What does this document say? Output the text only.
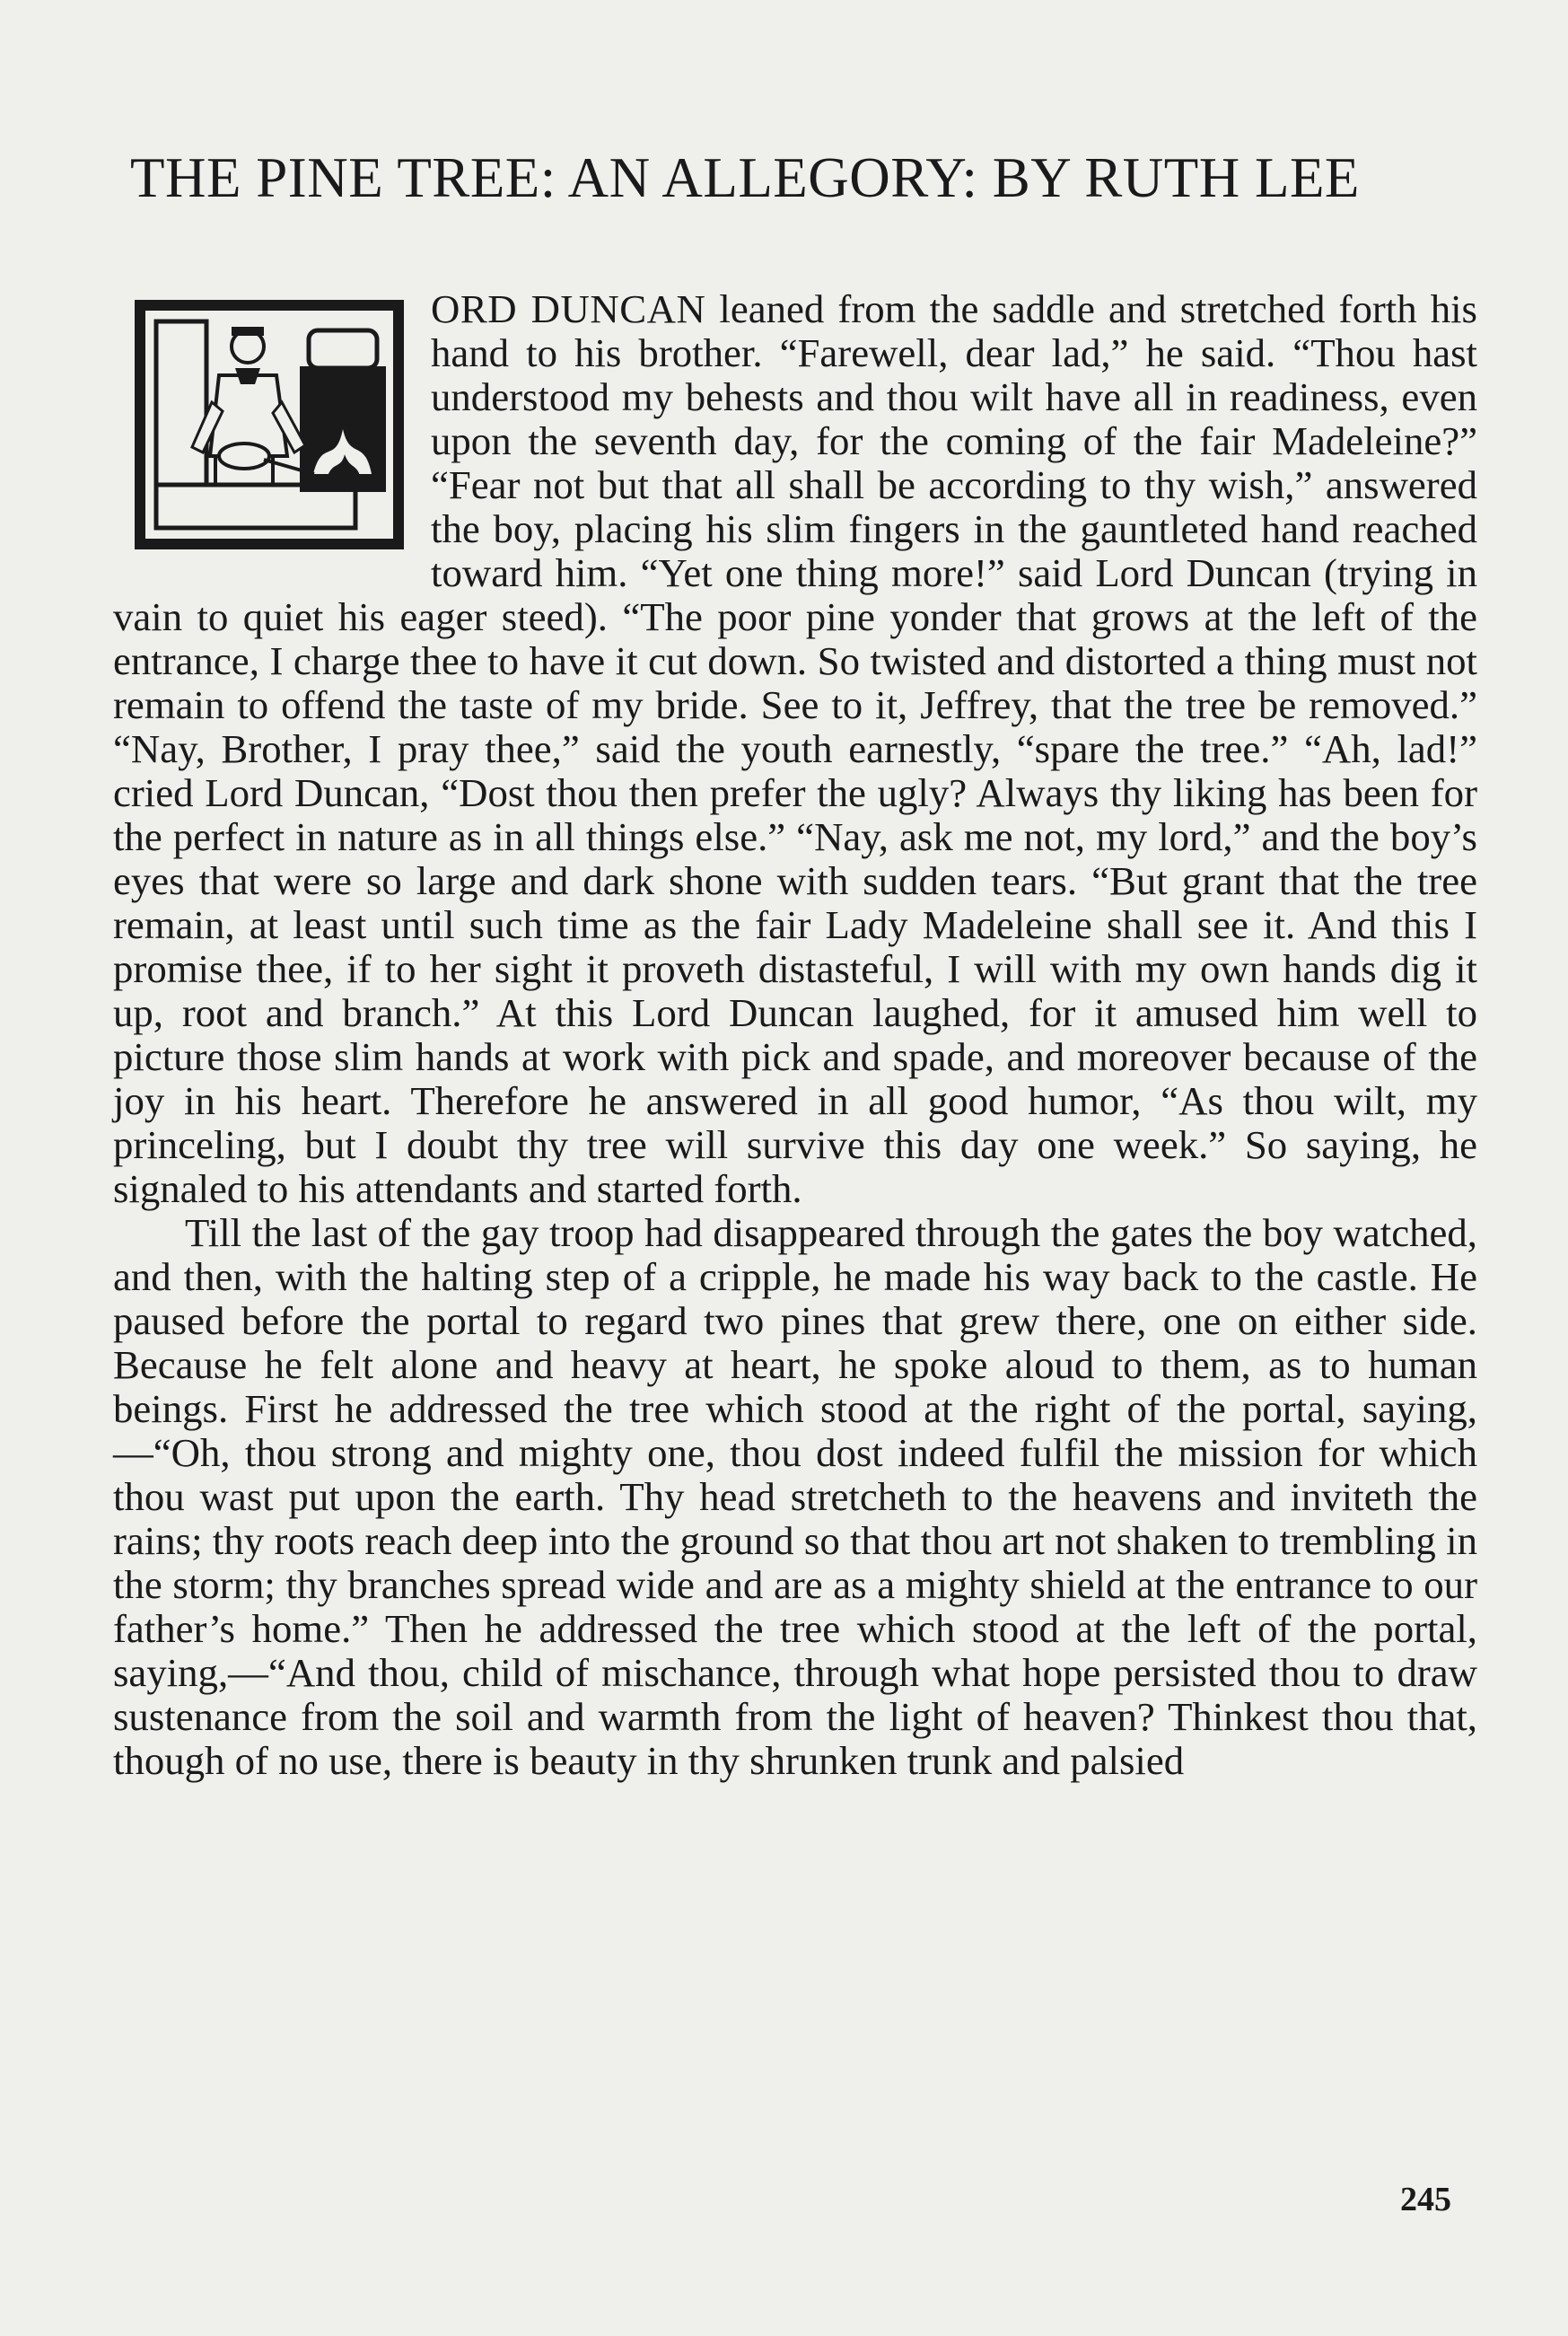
THE PINE TREE: AN ALLEGORY: BY RUTH LEE

ORD DUNCAN leaned from the saddle and stretched forth his hand to his brother. “Farewell, dear lad,” he said. “Thou hast understood my behests and thou wilt have all in readiness, even upon the seventh day, for the coming of the fair Madeleine?” “Fear not but that all shall be according to thy wish,” answered the boy, placing his slim fingers in the gauntleted hand reached toward him. “Yet one thing more!” said Lord Duncan (trying in vain to quiet his eager steed). “The poor pine yonder that grows at the left of the entrance, I charge thee to have it cut down. So twisted and distorted a thing must not remain to offend the taste of my bride. See to it, Jeffrey, that the tree be removed.” “Nay, Brother, I pray thee,” said the youth earnestly, “spare the tree.” “Ah, lad!” cried Lord Duncan, “Dost thou then prefer the ugly? Always thy liking has been for the perfect in nature as in all things else.” “Nay, ask me not, my lord,” and the boy’s eyes that were so large and dark shone with sudden tears. “But grant that the tree remain, at least until such time as the fair Lady Madeleine shall see it. And this I promise thee, if to her sight it proveth distasteful, I will with my own hands dig it up, root and branch.” At this Lord Duncan laughed, for it amused him well to picture those slim hands at work with pick and spade, and moreover because of the joy in his heart. Therefore he answered in all good humor, “As thou wilt, my princeling, but I doubt thy tree will survive this day one week.” So saying, he signaled to his attendants and started forth.

Till the last of the gay troop had disappeared through the gates the boy watched, and then, with the halting step of a cripple, he made his way back to the castle. He paused before the portal to regard two pines that grew there, one on either side. Because he felt alone and heavy at heart, he spoke aloud to them, as to human beings. First he addressed the tree which stood at the right of the portal, saying,—“Oh, thou strong and mighty one, thou dost indeed fulfil the mission for which thou wast put upon the earth. Thy head stretcheth to the heavens and inviteth the rains; thy roots reach deep into the ground so that thou art not shaken to trembling in the storm; thy branches spread wide and are as a mighty shield at the entrance to our father’s home.” Then he addressed the tree which stood at the left of the portal, saying,—“And thou, child of mischance, through what hope persisted thou to draw sustenance from the soil and warmth from the light of heaven? Thinkest thou that, though of no use, there is beauty in thy shrunken trunk and palsied

245
